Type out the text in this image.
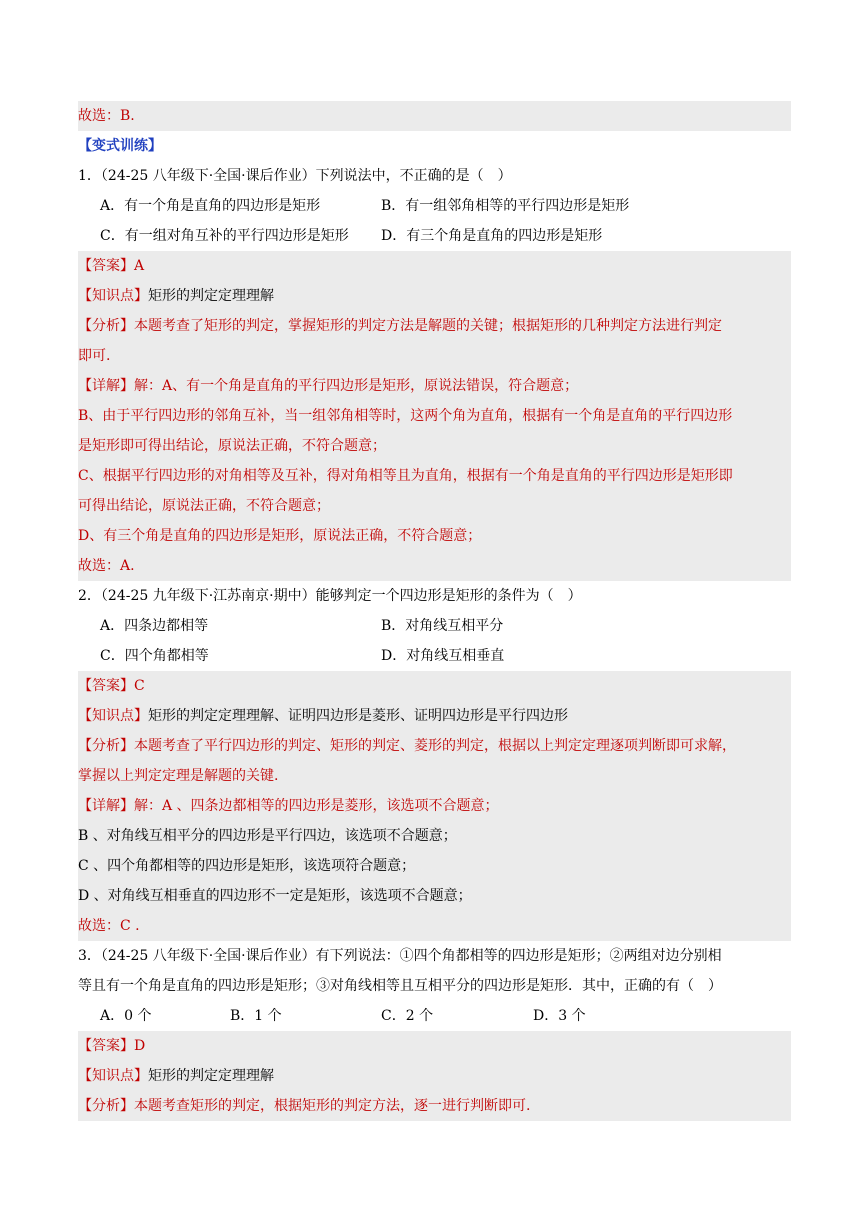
故选：B.
【变式训练】
1．（24-25 八年级下·全国·课后作业）下列说法中，不正确的是（　）
A．有一个角是直角的四边形是矩形	B．有一组邻角相等的平行四边形是矩形
C．有一组对角互补的平行四边形是矩形 D．有三个角是直角的四边形是矩形
【答案】A
【知识点】矩形的判定定理理解
【分析】本题考查了矩形的判定，掌握矩形的判定方法是解题的关键；根据矩形的几种判定方法进行判定
即可.
【详解】解：A、有一个角是直角的平行四边形是矩形，原说法错误，符合题意；
B、由于平行四边形的邻角互补，当一组邻角相等时，这两个角为直角，根据有一个角是直角的平行四边形
是矩形即可得出结论，原说法正确，不符合题意；
C、根据平行四边形的对角相等及互补，得对角相等且为直角，根据有一个角是直角的平行四边形是矩形即
可得出结论，原说法正确，不符合题意；
D、有三个角是直角的四边形是矩形，原说法正确，不符合题意；
故选：A.
2．（24-25 九年级下·江苏南京·期中）能够判定一个四边形是矩形的条件为（　）
A．四条边都相等	B．对角线互相平分
C．四个角都相等	D．对角线互相垂直
【答案】C
【知识点】矩形的判定定理理解、证明四边形是菱形、证明四边形是平行四边形
【分析】本题考查了平行四边形的判定、矩形的判定、菱形的判定，根据以上判定定理逐项判断即可求解，
掌握以上判定定理是解题的关键.
【详解】解：A 、四条边都相等的四边形是菱形，该选项不合题意；
B 、对角线互相平分的四边形是平行四边，该选项不合题意；
C 、四个角都相等的四边形是矩形，该选项符合题意；
D 、对角线互相垂直的四边形不一定是矩形，该选项不合题意；
故选：C .
3．（24-25 八年级下·全国·课后作业）有下列说法：①四个角都相等的四边形是矩形；②两组对边分别相
等且有一个角是直角的四边形是矩形；③对角线相等且互相平分的四边形是矩形．其中，正确的有（　）
A．0 个	B．1 个	C．2 个	D．3 个
【答案】D
【知识点】矩形的判定定理理解
【分析】本题考查矩形的判定，根据矩形的判定方法，逐一进行判断即可.
